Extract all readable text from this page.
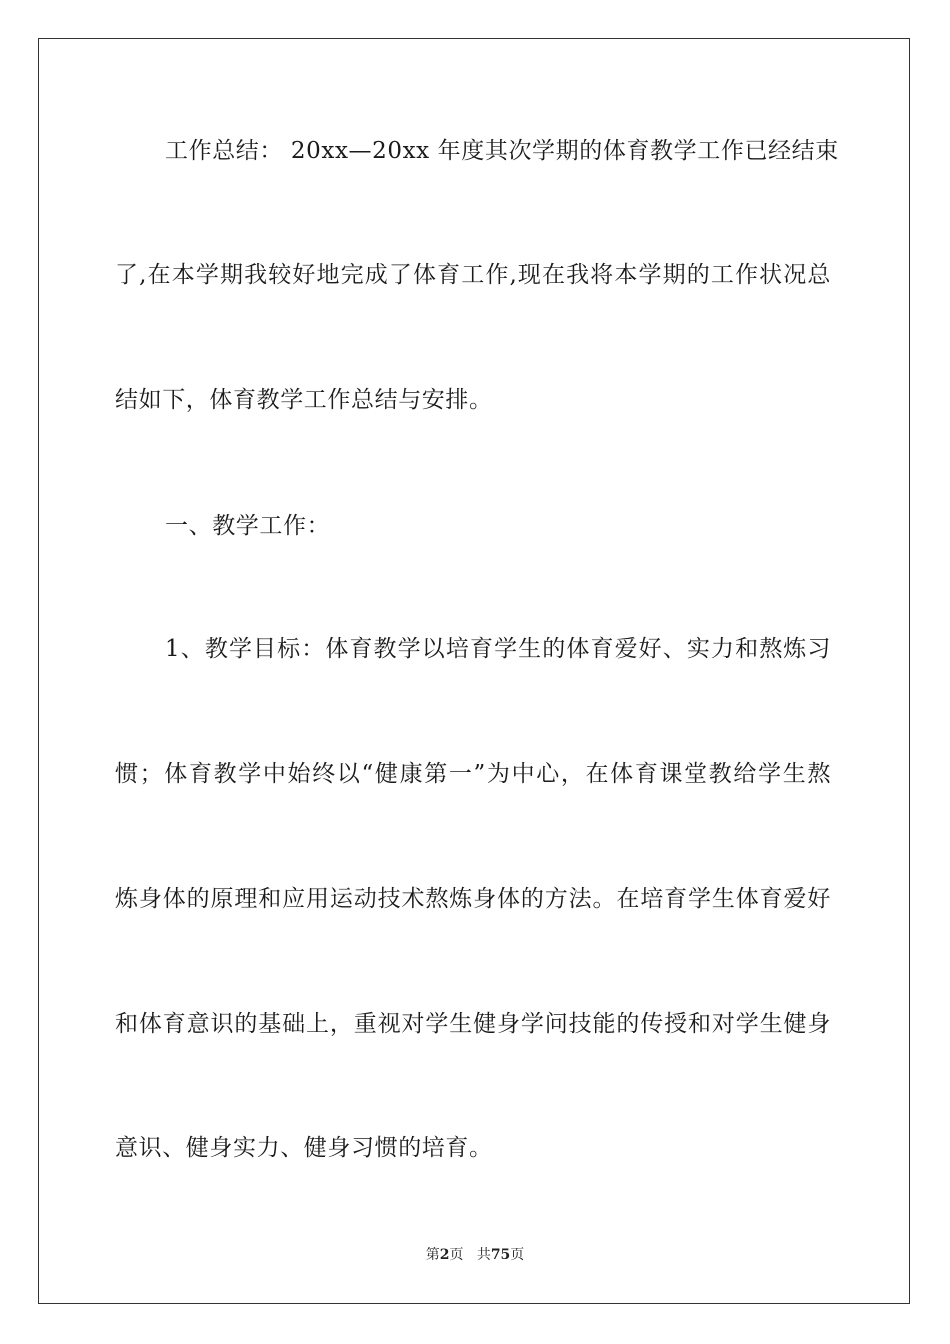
工作总结： 20xx—20xx 年度其次学期的体育教学工作已经结束
了,在本学期我较好地完成了体育工作,现在我将本学期的工作状况总
结如下，体育教学工作总结与安排。
一、教学工作：
1、教学目标：体育教学以培育学生的体育爱好、实力和熬炼习
惯；体育教学中始终以“健康第一”为中心，在体育课堂教给学生熬
炼身体的原理和应用运动技术熬炼身体的方法。在培育学生体育爱好
和体育意识的基础上，重视对学生健身学问技能的传授和对学生健身
意识、健身实力、健身习惯的培育。
第2页 共75页
